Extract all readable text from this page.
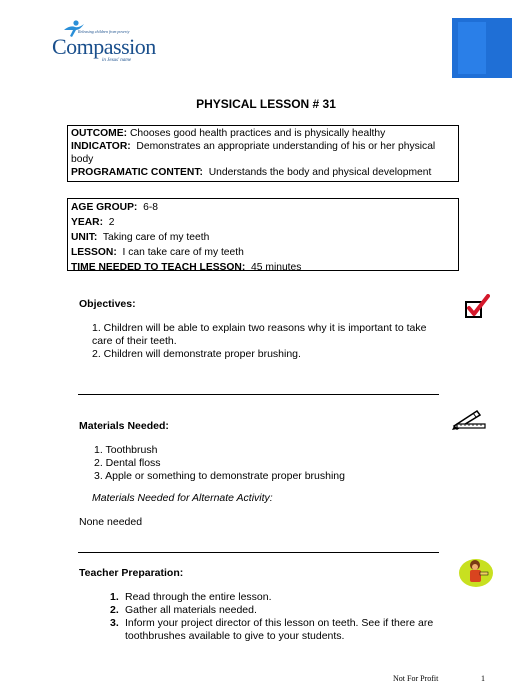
Releasing children from poverty
Compassion
in Jesus' name
PHYSICAL LESSON # 31
OUTCOME: Chooses good health practices and is physically healthy
INDICATOR: Demonstrates an appropriate understanding of his or her physical body
PROGRAMATIC CONTENT: Understands the body and physical development
AGE GROUP: 6-8
YEAR: 2
UNIT: Taking care of my teeth
LESSON: I can take care of my teeth
TIME NEEDED TO TEACH LESSON: 45 minutes
Objectives:
1. Children will be able to explain two reasons why it is important to take care of their teeth.
2. Children will demonstrate proper brushing.
Materials Needed:
1. Toothbrush
2. Dental floss
3. Apple or something to demonstrate proper brushing
Materials Needed for Alternate Activity:
None needed
Teacher Preparation:
1. Read through the entire lesson.
2. Gather all materials needed.
3. Inform your project director of this lesson on teeth. See if there are toothbrushes available to give to your students.
Not For Profit	1
